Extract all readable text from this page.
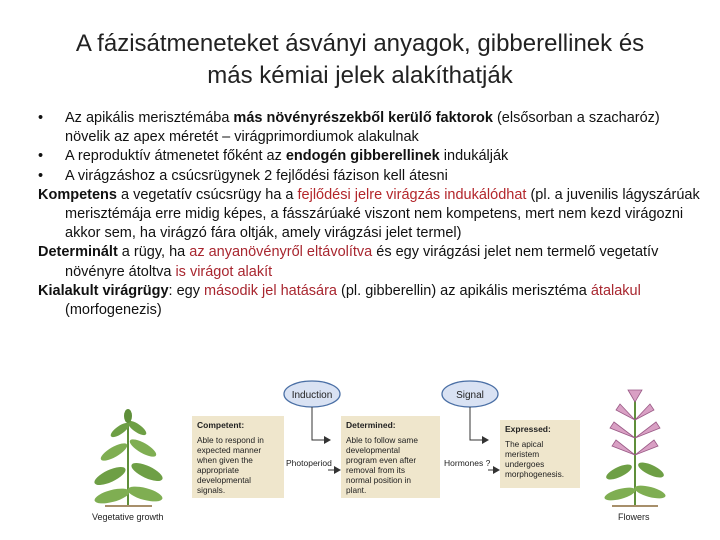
A fázisátmeneteket ásványi anyagok, gibberellinek és
más kémiai jelek alakíthatják
• Az apikális merisztémába más növényrészekből kerülő faktorok (elsősorban a szacharóz) növelik az apex méretét – virágprimordiumok alakulnak
• A reproduktív átmenetet főként az endogén gibberellinek indukálják
• A virágzáshoz a csúcsrügynek 2 fejlődési fázison kell átesni
Kompetens a vegetatív csúcsrügy ha a fejlődési jelre virágzás indukálódhat (pl. a juvenilis lágyszárúak merisztémája erre midig képes, a fásszárúaké viszont nem kompetens, mert nem kezd virágozni akkor sem, ha virágzó fára oltják, amely virágzási jelet termel)
Determinált a rügy, ha az anyanövényről eltávolítva és egy virágzási jelet nem termelő vegetatív növényre átoltva is virágot alakít
Kialakult virágrügy: egy második jel hatására (pl. gibberellin) az apikális merisztéma átalakul (morfogenezis)
Induction	Signal
Competent:
Able to respond in
expected manner
when given the
appropriate
developmental
signals.
Photoperiod
Determined:
Able to follow same
developmental
program even after
removal from its
normal position in
plant.
Hormones ?
Expressed:
The apical
meristem
undergoes
morphogenesis.
Vegetative growth	Flowers
